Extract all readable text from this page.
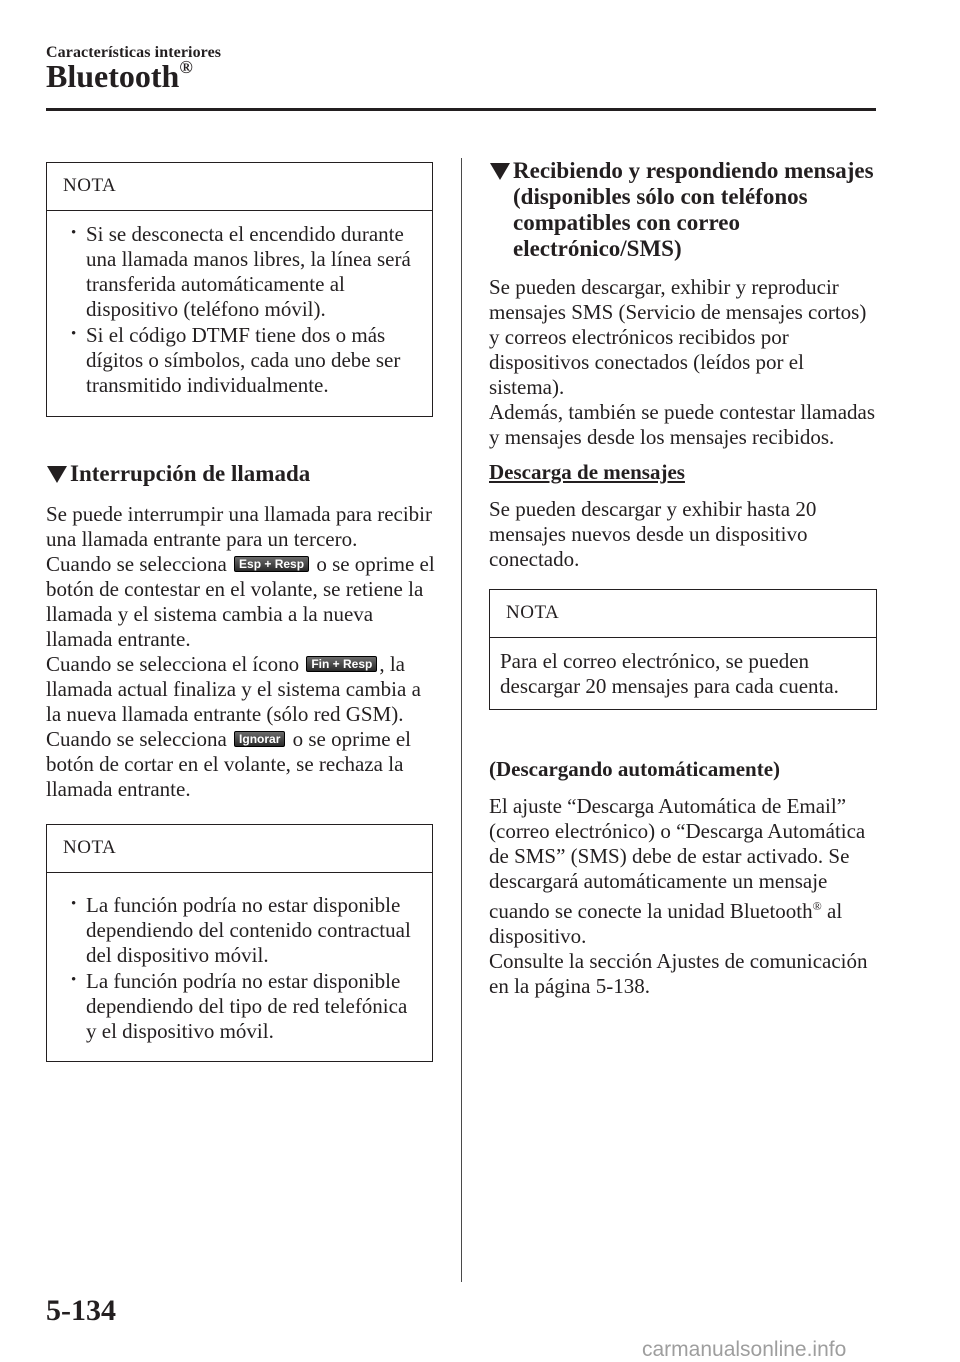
Características interiores
Bluetooth®
NOTA
• Si se desconecta el encendido durante una llamada manos libres, la línea será transferida automáticamente al dispositivo (teléfono móvil).
• Si el código DTMF tiene dos o más dígitos o símbolos, cada uno debe ser transmitido individualmente.
Interrupción de llamada

Se puede interrumpir una llamada para recibir una llamada entrante para un tercero.

Cuando se selecciona Esp + Resp o se oprime el botón de contestar en el volante, se retiene la llamada y el sistema cambia a la nueva llamada entrante.

Cuando se selecciona el ícono Fin + Resp , la llamada actual finaliza y el sistema cambia a la nueva llamada entrante (sólo red GSM).

Cuando se selecciona Ignorar o se oprime el botón de cortar en el volante, se rechaza la llamada entrante.

NOTA
• La función podría no estar disponible dependiendo del contenido contractual del dispositivo móvil.
• La función podría no estar disponible dependiendo del tipo de red telefónica y el dispositivo móvil.
Recibiendo y respondiendo mensajes (disponibles sólo con teléfonos compatibles con correo electrónico/SMS)

Se pueden descargar, exhibir y reproducir mensajes SMS (Servicio de mensajes cortos) y correos electrónicos recibidos por dispositivos conectados (leídos por el sistema).

Además, también se puede contestar llamadas y mensajes desde los mensajes recibidos.

Descarga de mensajes

Se pueden descargar y exhibir hasta 20 mensajes nuevos desde un dispositivo conectado.

NOTA

Para el correo electrónico, se pueden descargar 20 mensajes para cada cuenta.

(Descargando automáticamente)

El ajuste “Descarga Automática de Email” (correo electrónico) o “Descarga Automática de SMS” (SMS) debe de estar activado. Se descargará automáticamente un mensaje cuando se conecte la unidad Bluetooth® al dispositivo.

Consulte la sección Ajustes de comunicación en la página 5-138.

5-134
carmanualsonline.info
